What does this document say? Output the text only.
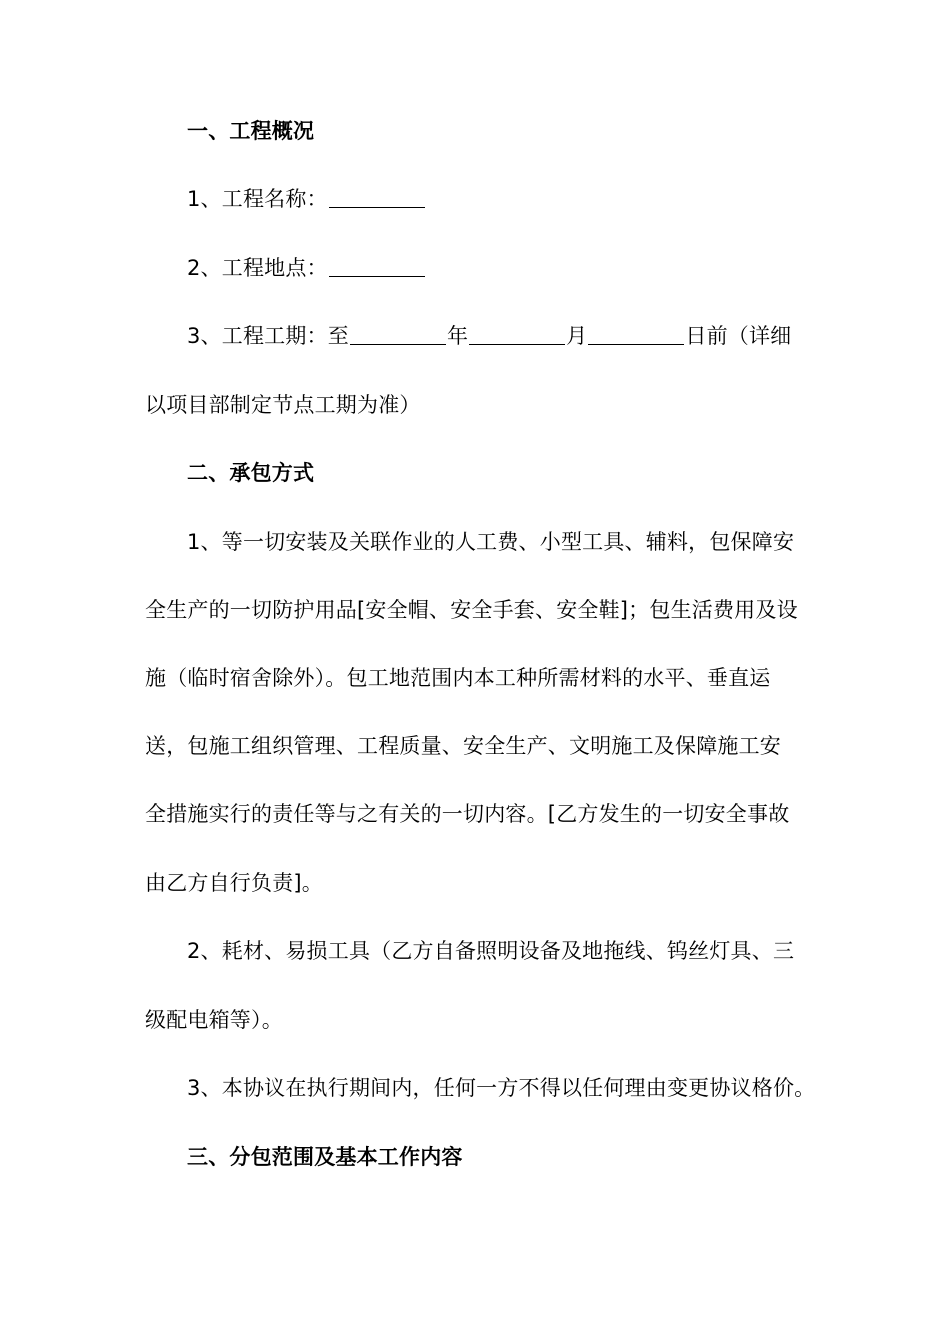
一、工程概况
1、工程名称：
2、工程地点：
3、工程工期：至	年	月	日前（详细
以项目部制定节点工期为准）
二、承包方式
1、等一切安装及关联作业的人工费、小型工具、辅料，包保障安
全生产的一切防护用品[安全帽、安全手套、安全鞋]；包生活费用及设
施（临时宿舍除外）。包工地范围内本工种所需材料的水平、垂直运
送，包施工组织管理、工程质量、安全生产、文明施工及保障施工安
全措施实行的责任等与之有关的一切内容。[乙方发生的一切安全事故
由乙方自行负责]。
2、耗材、易损工具（乙方自备照明设备及地拖线、钨丝灯具、三
级配电箱等）。
3、本协议在执行期间内，任何一方不得以任何理由变更协议格价。
三、分包范围及基本工作内容
